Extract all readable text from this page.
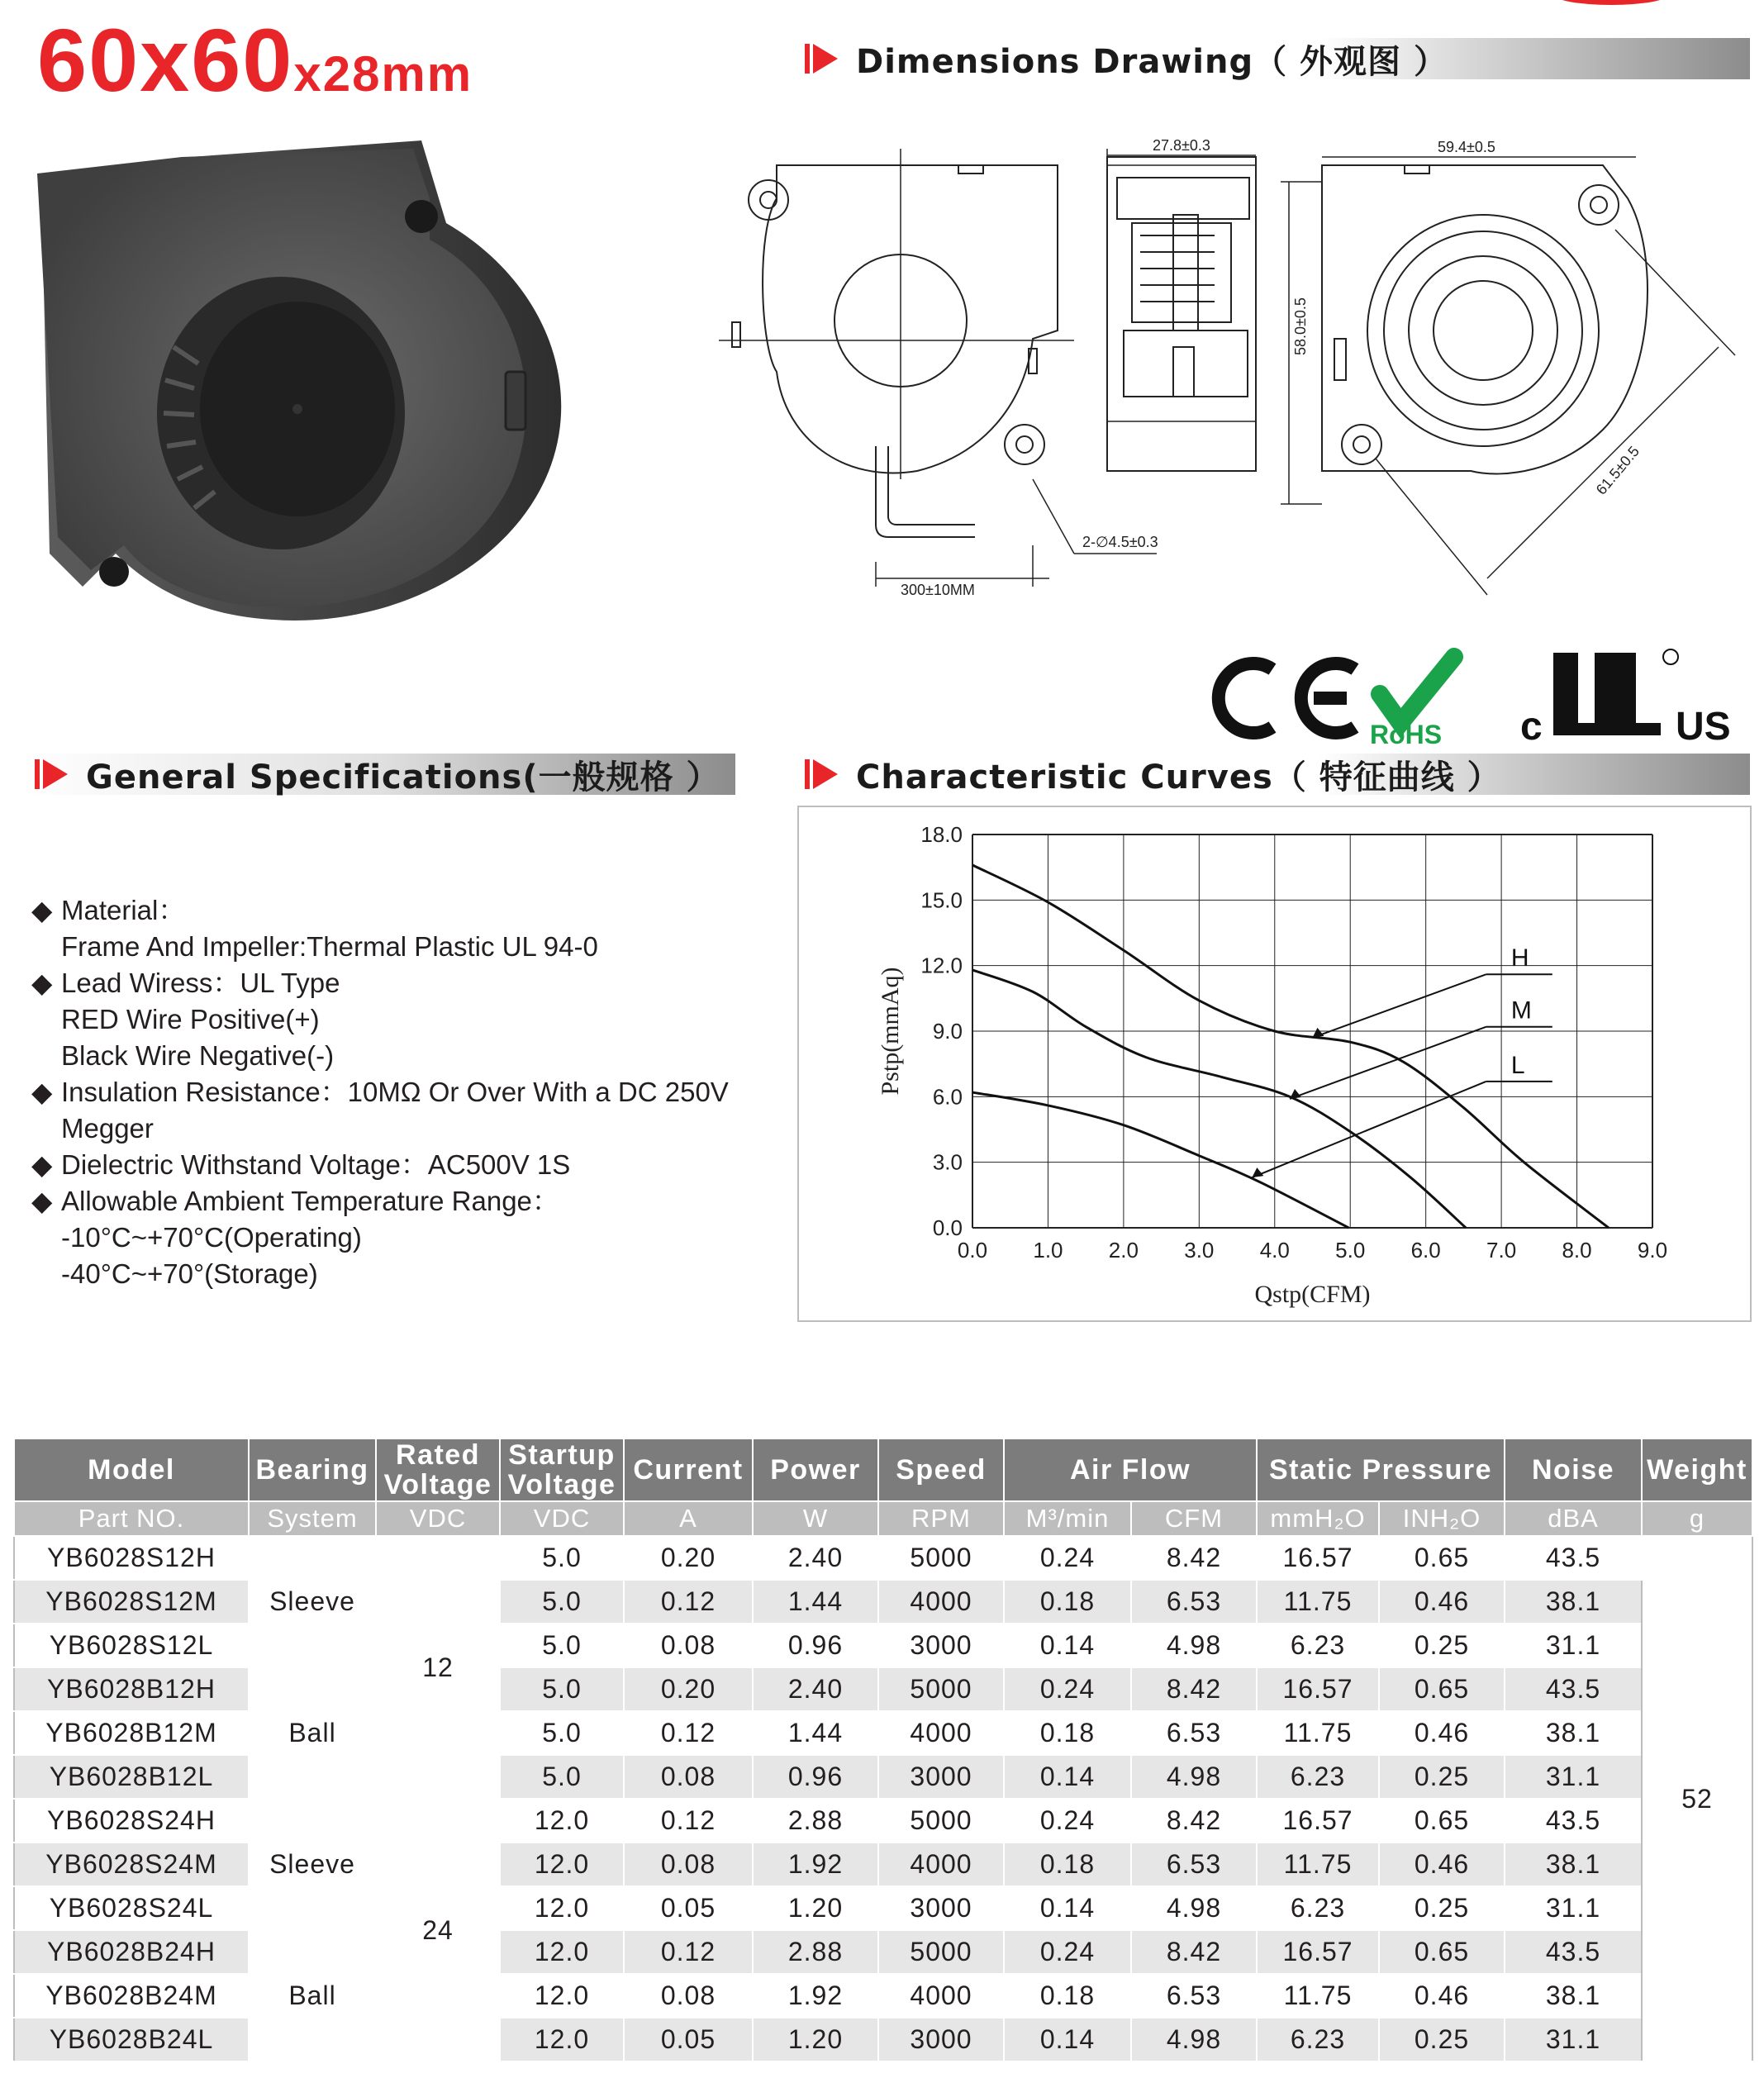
60x60x28mm	Dimensions Drawing（ 外观图 ）
General Specifications(一般规格 ）	Characteristic Curves（ 特征曲线 ）
300±10MM
2-∅4.5±0.3
27.8±0.3	59.4±0.5
58.0±0.5
61.5±0.5
RoHS c	US
◆ Material：
Frame And Impeller:Thermal Plastic UL 94-0
◆ Lead Wiress：UL Type
RED Wire Positive(+)
Black Wire Negative(-)
◆ Insulation Resistance：10MΩ Or Over With a DC 250V
Megger
◆ Dielectric Withstand Voltage：AC500V 1S
◆ Allowable Ambient Temperature Range：
-10°C~+70°C(Operating)
-40°C~+70°(Storage)
0.0 1.0 2.0 3.0 4.0 5.0 6.0 7.0 8.0 9.0
0.0
3.0
6.0
9.0
12.0
15.0
18.0
Qstp(CFM)
Pstp(mmAq)
H
M
L
Model	Bearing	Rated Voltage	Startup Voltage	Current	Power	Speed	Air Flow		Static Pressure		Noise	Weight
Part NO.	System	VDC	VDC	A	W	RPM	M³/min	CFM	mmH₂O	INH₂O	dBA	g
YB6028S12H	Sleeve	12	5.0	0.20	2.40	5000	0.24	8.42	16.57	0.65	43.5	52
YB6028S12M			5.0	0.12	1.44	4000	0.18	6.53	11.75	0.46	38.1	
YB6028S12L			5.0	0.08	0.96	3000	0.14	4.98	6.23	0.25	31.1	
YB6028B12H	Ball		5.0	0.20	2.40	5000	0.24	8.42	16.57	0.65	43.5	
YB6028B12M			5.0	0.12	1.44	4000	0.18	6.53	11.75	0.46	38.1	
YB6028B12L			5.0	0.08	0.96	3000	0.14	4.98	6.23	0.25	31.1	
YB6028S24H	Sleeve	24	12.0	0.12	2.88	5000	0.24	8.42	16.57	0.65	43.5	
YB6028S24M			12.0	0.08	1.92	4000	0.18	6.53	11.75	0.46	38.1	
YB6028S24L			12.0	0.05	1.20	3000	0.14	4.98	6.23	0.25	31.1	
YB6028B24H	Ball		12.0	0.12	2.88	5000	0.24	8.42	16.57	0.65	43.5	
YB6028B24M			12.0	0.08	1.92	4000	0.18	6.53	11.75	0.46	38.1	
YB6028B24L			12.0	0.05	1.20	3000	0.14	4.98	6.23	0.25	31.1	
